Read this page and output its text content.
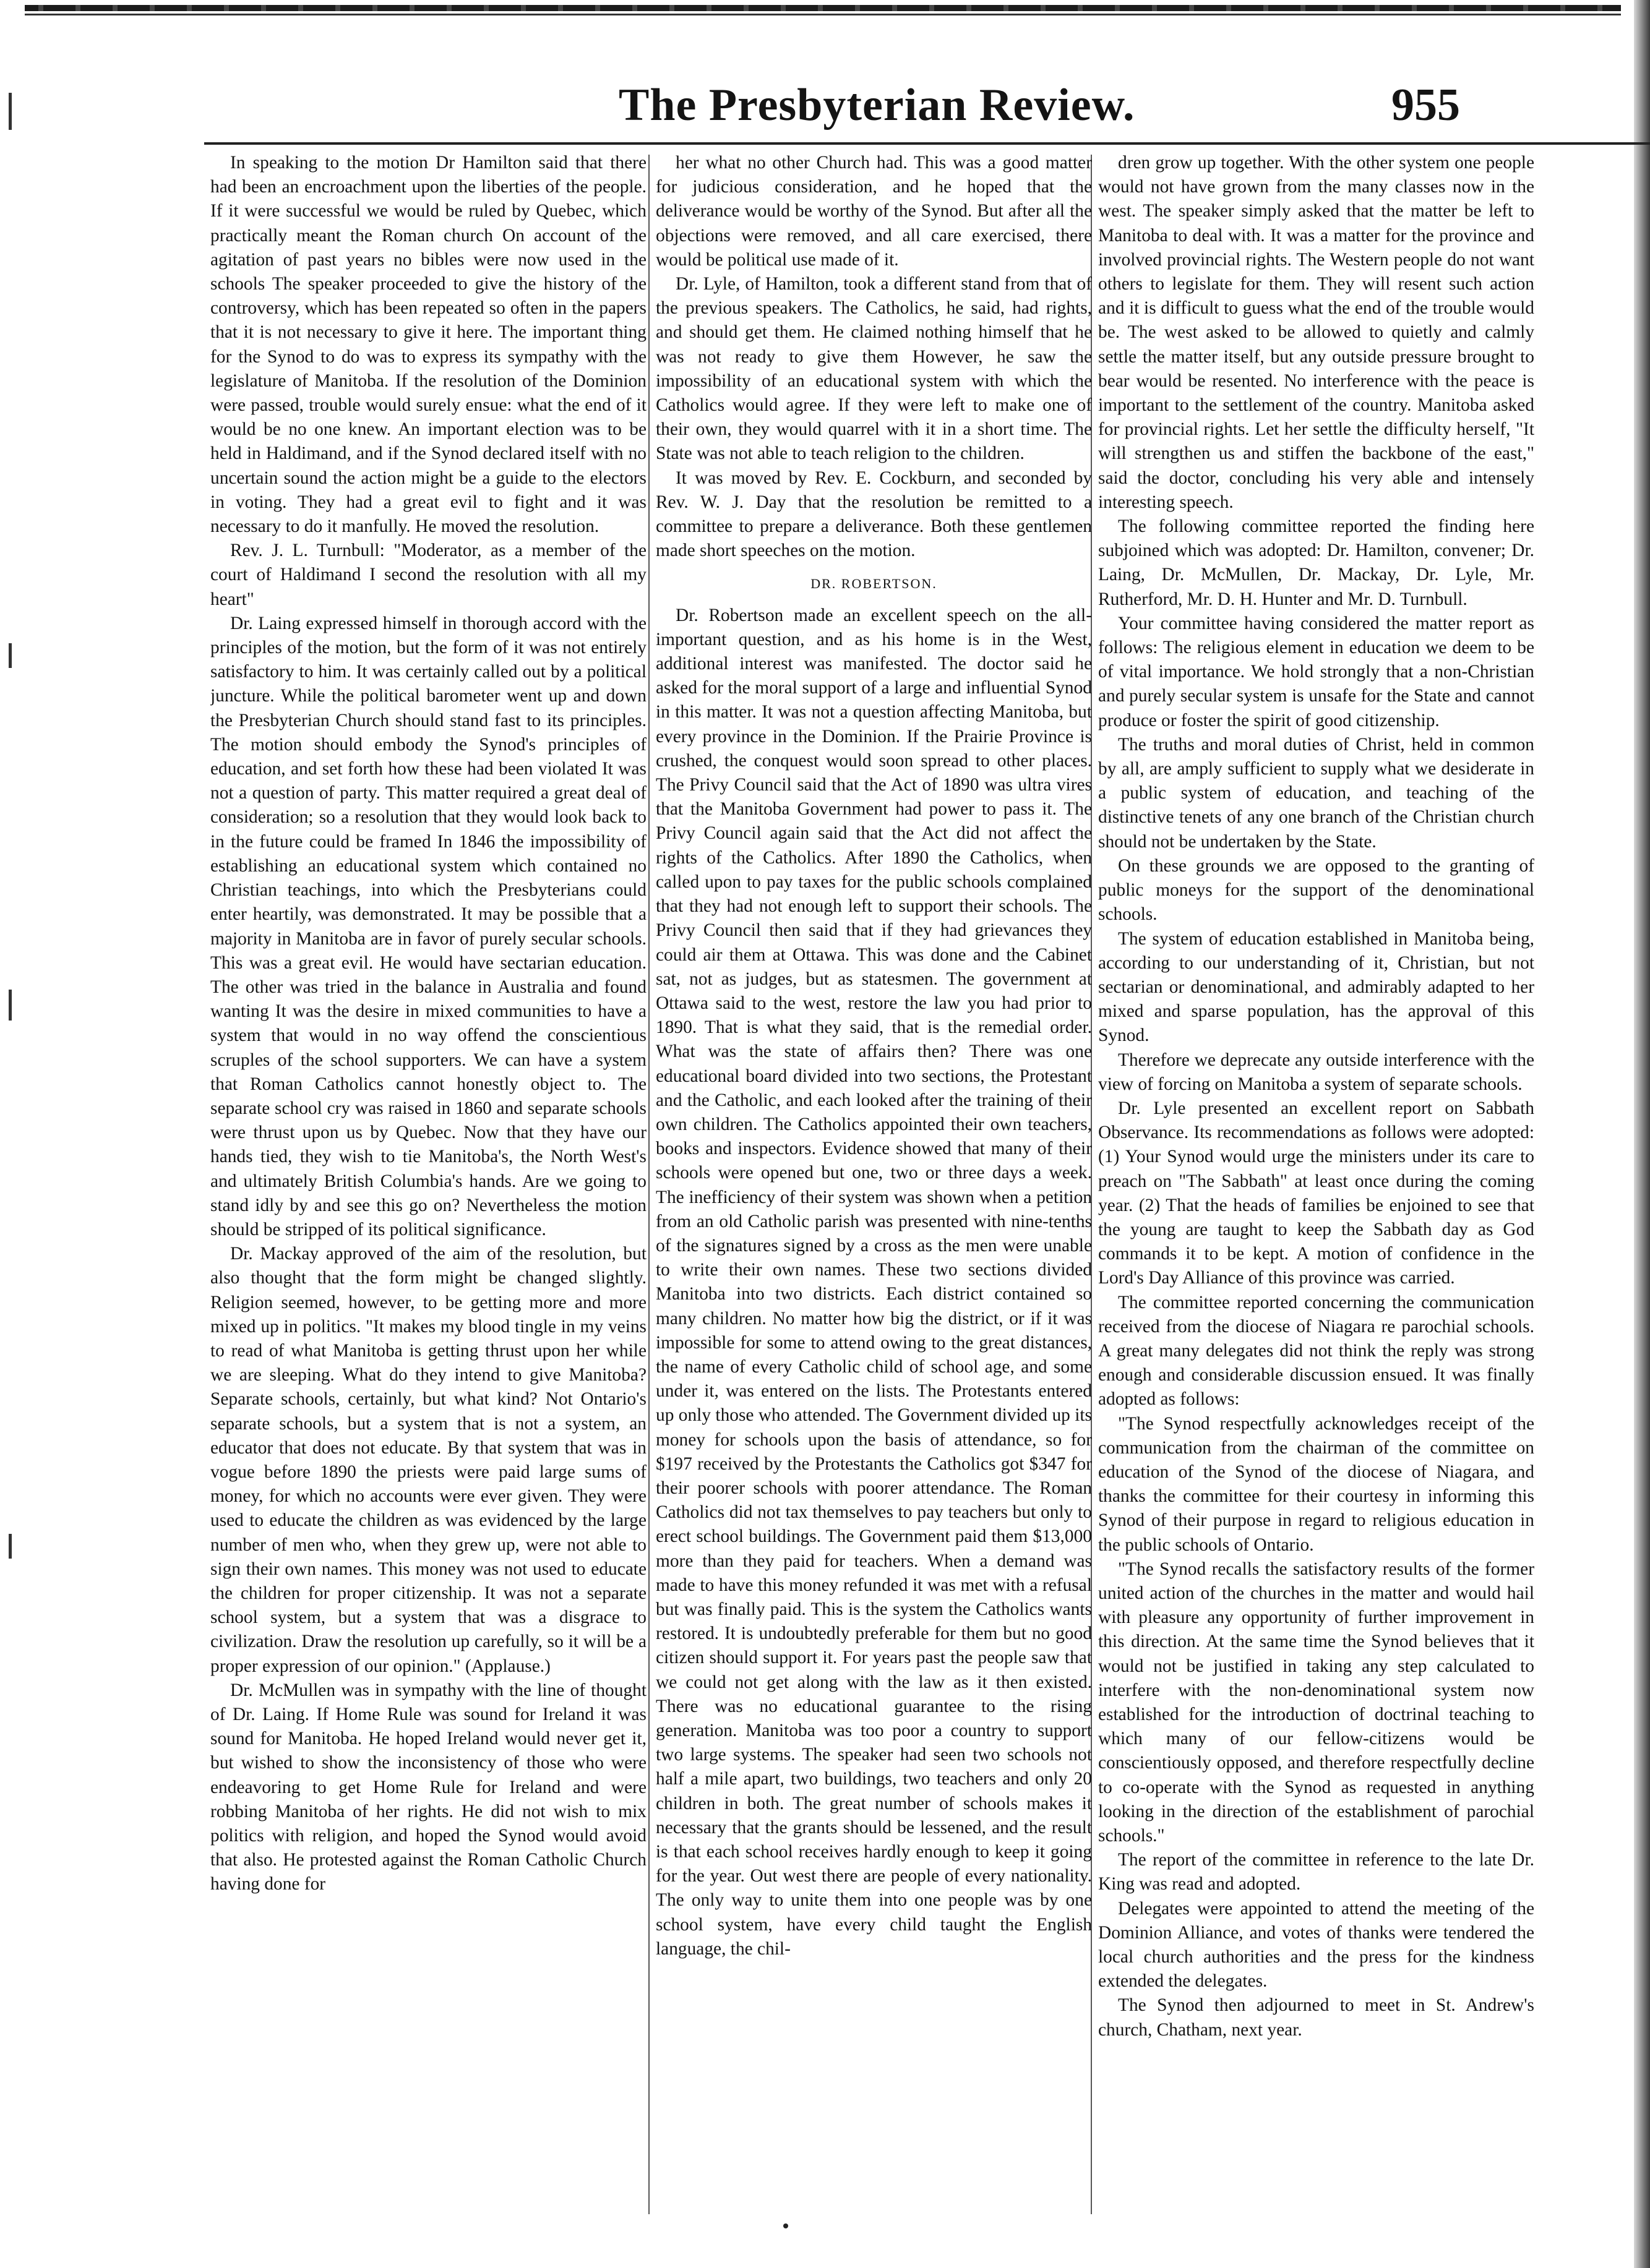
The Presbyterian Review.	955

In speaking to the motion Dr Hamilton said that there had been an encroachment upon the liberties of the people. If it were successful we would be ruled by Quebec, which practically meant the Roman church On account of the agitation of past years no bibles were now used in the schools The speaker proceeded to give the history of the controversy, which has been repeated so often in the papers that it is not necessary to give it here. The important thing for the Synod to do was to express its sympathy with the legislature of Manitoba. If the resolution of the Dominion were passed, trouble would surely ensue: what the end of it would be no one knew. An important election was to be held in Haldimand, and if the Synod declared itself with no uncertain sound the action might be a guide to the electors in voting. They had a great evil to fight and it was necessary to do it manfully. He moved the resolution.

Rev. J. L. Turnbull: "Moderator, as a member of the court of Haldimand I second the resolution with all my heart"

Dr. Laing expressed himself in thorough accord with the principles of the motion, but the form of it was not entirely satisfactory to him. It was certainly called out by a political juncture. While the political barometer went up and down the Presbyterian Church should stand fast to its principles. The motion should embody the Synod's principles of education, and set forth how these had been violated It was not a question of party. This matter required a great deal of consideration; so a resolution that they would look back to in the future could be framed In 1846 the impossibility of establishing an educational system which contained no Christian teachings, into which the Presbyterians could enter heartily, was demonstrated. It may be possible that a majority in Manitoba are in favor of purely secular schools. This was a great evil. He would have sectarian education. The other was tried in the balance in Australia and found wanting It was the desire in mixed communities to have a system that would in no way offend the conscientious scruples of the school supporters. We can have a system that Roman Catholics cannot honestly object to. The separate school cry was raised in 1860 and separate schools were thrust upon us by Quebec. Now that they have our hands tied, they wish to tie Manitoba's, the North West's and ultimately British Columbia's hands. Are we going to stand idly by and see this go on? Nevertheless the motion should be stripped of its political significance.

Dr. Mackay approved of the aim of the resolution, but also thought that the form might be changed slightly. Religion seemed, however, to be getting more and more mixed up in politics. "It makes my blood tingle in my veins to read of what Manitoba is getting thrust upon her while we are sleeping. What do they intend to give Manitoba? Separate schools, certainly, but what kind? Not Ontario's separate schools, but a system that is not a system, an educator that does not educate. By that system that was in vogue before 1890 the priests were paid large sums of money, for which no accounts were ever given. They were used to educate the children as was evidenced by the large number of men who, when they grew up, were not able to sign their own names. This money was not used to educate the children for proper citizenship. It was not a separate school system, but a system that was a disgrace to civilization. Draw the resolution up carefully, so it will be a proper expression of our opinion." (Applause.)

Dr. McMullen was in sympathy with the line of thought of Dr. Laing. If Home Rule was sound for Ireland it was sound for Manitoba. He hoped Ireland would never get it, but wished to show the inconsistency of those who were endeavoring to get Home Rule for Ireland and were robbing Manitoba of her rights. He did not wish to mix politics with religion, and hoped the Synod would avoid that also. He protested against the Roman Catholic Church having done for

her what no other Church had. This was a good matter for judicious consideration, and he hoped that the deliverance would be worthy of the Synod. But after all the objections were removed, and all care exercised, there would be political use made of it.

Dr. Lyle, of Hamilton, took a different stand from that of the previous speakers. The Catholics, he said, had rights, and should get them. He claimed nothing himself that he was not ready to give them However, he saw the impossibility of an educational system with which the Catholics would agree. If they were left to make one of their own, they would quarrel with it in a short time. The State was not able to teach religion to the children.

It was moved by Rev. E. Cockburn, and seconded by Rev. W. J. Day that the resolution be remitted to a committee to prepare a deliverance. Both these gentlemen made short speeches on the motion.

DR. ROBERTSON.

Dr. Robertson made an excellent speech on the all-important question, and as his home is in the West, additional interest was manifested. The doctor said he asked for the moral support of a large and influential Synod in this matter. It was not a question affecting Manitoba, but every province in the Dominion. If the Prairie Province is crushed, the conquest would soon spread to other places. The Privy Council said that the Act of 1890 was ultra vires that the Manitoba Government had power to pass it. The Privy Council again said that the Act did not affect the rights of the Catholics. After 1890 the Catholics, when called upon to pay taxes for the public schools complained that they had not enough left to support their schools. The Privy Council then said that if they had grievances they could air them at Ottawa. This was done and the Cabinet sat, not as judges, but as statesmen. The government at Ottawa said to the west, restore the law you had prior to 1890. That is what they said, that is the remedial order. What was the state of affairs then? There was one educational board divided into two sections, the Protestant and the Catholic, and each looked after the training of their own children. The Catholics appointed their own teachers, books and inspectors. Evidence showed that many of their schools were opened but one, two or three days a week. The inefficiency of their system was shown when a petition from an old Catholic parish was presented with nine-tenths of the signatures signed by a cross as the men were unable to write their own names. These two sections divided Manitoba into two districts. Each district contained so many children. No matter how big the district, or if it was impossible for some to attend owing to the great distances, the name of every Catholic child of school age, and some under it, was entered on the lists. The Protestants entered up only those who attended. The Government divided up its money for schools upon the basis of attendance, so for $197 received by the Protestants the Catholics got $347 for their poorer schools with poorer attendance. The Roman Catholics did not tax themselves to pay teachers but only to erect school buildings. The Government paid them $13,000 more than they paid for teachers. When a demand was made to have this money refunded it was met with a refusal but was finally paid. This is the system the Catholics wants restored. It is undoubtedly preferable for them but no good citizen should support it. For years past the people saw that we could not get along with the law as it then existed. There was no educational guarantee to the rising generation. Manitoba was too poor a country to support two large systems. The speaker had seen two schools not half a mile apart, two buildings, two teachers and only 20 children in both. The great number of schools makes it necessary that the grants should be lessened, and the result is that each school receives hardly enough to keep it going for the year. Out west there are people of every nationality. The only way to unite them into one people was by one school system, have every child taught the English language, the chil-

dren grow up together. With the other system one people would not have grown from the many classes now in the west. The speaker simply asked that the matter be left to Manitoba to deal with. It was a matter for the province and involved provincial rights. The Western people do not want others to legislate for them. They will resent such action and it is difficult to guess what the end of the trouble would be. The west asked to be allowed to quietly and calmly settle the matter itself, but any outside pressure brought to bear would be resented. No interference with the peace is important to the settlement of the country. Manitoba asked for provincial rights. Let her settle the difficulty herself, "It will strengthen us and stiffen the backbone of the east," said the doctor, concluding his very able and intensely interesting speech.

The following committee reported the finding here subjoined which was adopted: Dr. Hamilton, convener; Dr. Laing, Dr. McMullen, Dr. Mackay, Dr. Lyle, Mr. Rutherford, Mr. D. H. Hunter and Mr. D. Turnbull.

Your committee having considered the matter report as follows: The religious element in education we deem to be of vital importance. We hold strongly that a non-Christian and purely secular system is unsafe for the State and cannot produce or foster the spirit of good citizenship.

The truths and moral duties of Christ, held in common by all, are amply sufficient to supply what we desiderate in a public system of education, and teaching of the distinctive tenets of any one branch of the Christian church should not be undertaken by the State.

On these grounds we are opposed to the granting of public moneys for the support of the denominational schools.

The system of education established in Manitoba being, according to our understanding of it, Christian, but not sectarian or denominational, and admirably adapted to her mixed and sparse population, has the approval of this Synod.

Therefore we deprecate any outside interference with the view of forcing on Manitoba a system of separate schools.

Dr. Lyle presented an excellent report on Sabbath Observance. Its recommendations as follows were adopted: (1) Your Synod would urge the ministers under its care to preach on "The Sabbath" at least once during the coming year. (2) That the heads of families be enjoined to see that the young are taught to keep the Sabbath day as God commands it to be kept. A motion of confidence in the Lord's Day Alliance of this province was carried.

The committee reported concerning the communication received from the diocese of Niagara re parochial schools. A great many delegates did not think the reply was strong enough and considerable discussion ensued. It was finally adopted as follows:

"The Synod respectfully acknowledges receipt of the communication from the chairman of the committee on education of the Synod of the diocese of Niagara, and thanks the committee for their courtesy in informing this Synod of their purpose in regard to religious education in the public schools of Ontario.

"The Synod recalls the satisfactory results of the former united action of the churches in the matter and would hail with pleasure any opportunity of further improvement in this direction. At the same time the Synod believes that it would not be justified in taking any step calculated to interfere with the non-denominational system now established for the introduction of doctrinal teaching to which many of our fellow-citizens would be conscientiously opposed, and therefore respectfully decline to co-operate with the Synod as requested in anything looking in the direction of the establishment of parochial schools."

The report of the committee in reference to the late Dr. King was read and adopted.

Delegates were appointed to attend the meeting of the Dominion Alliance, and votes of thanks were tendered the local church authorities and the press for the kindness extended the delegates.

The Synod then adjourned to meet in St. Andrew's church, Chatham, next year.
